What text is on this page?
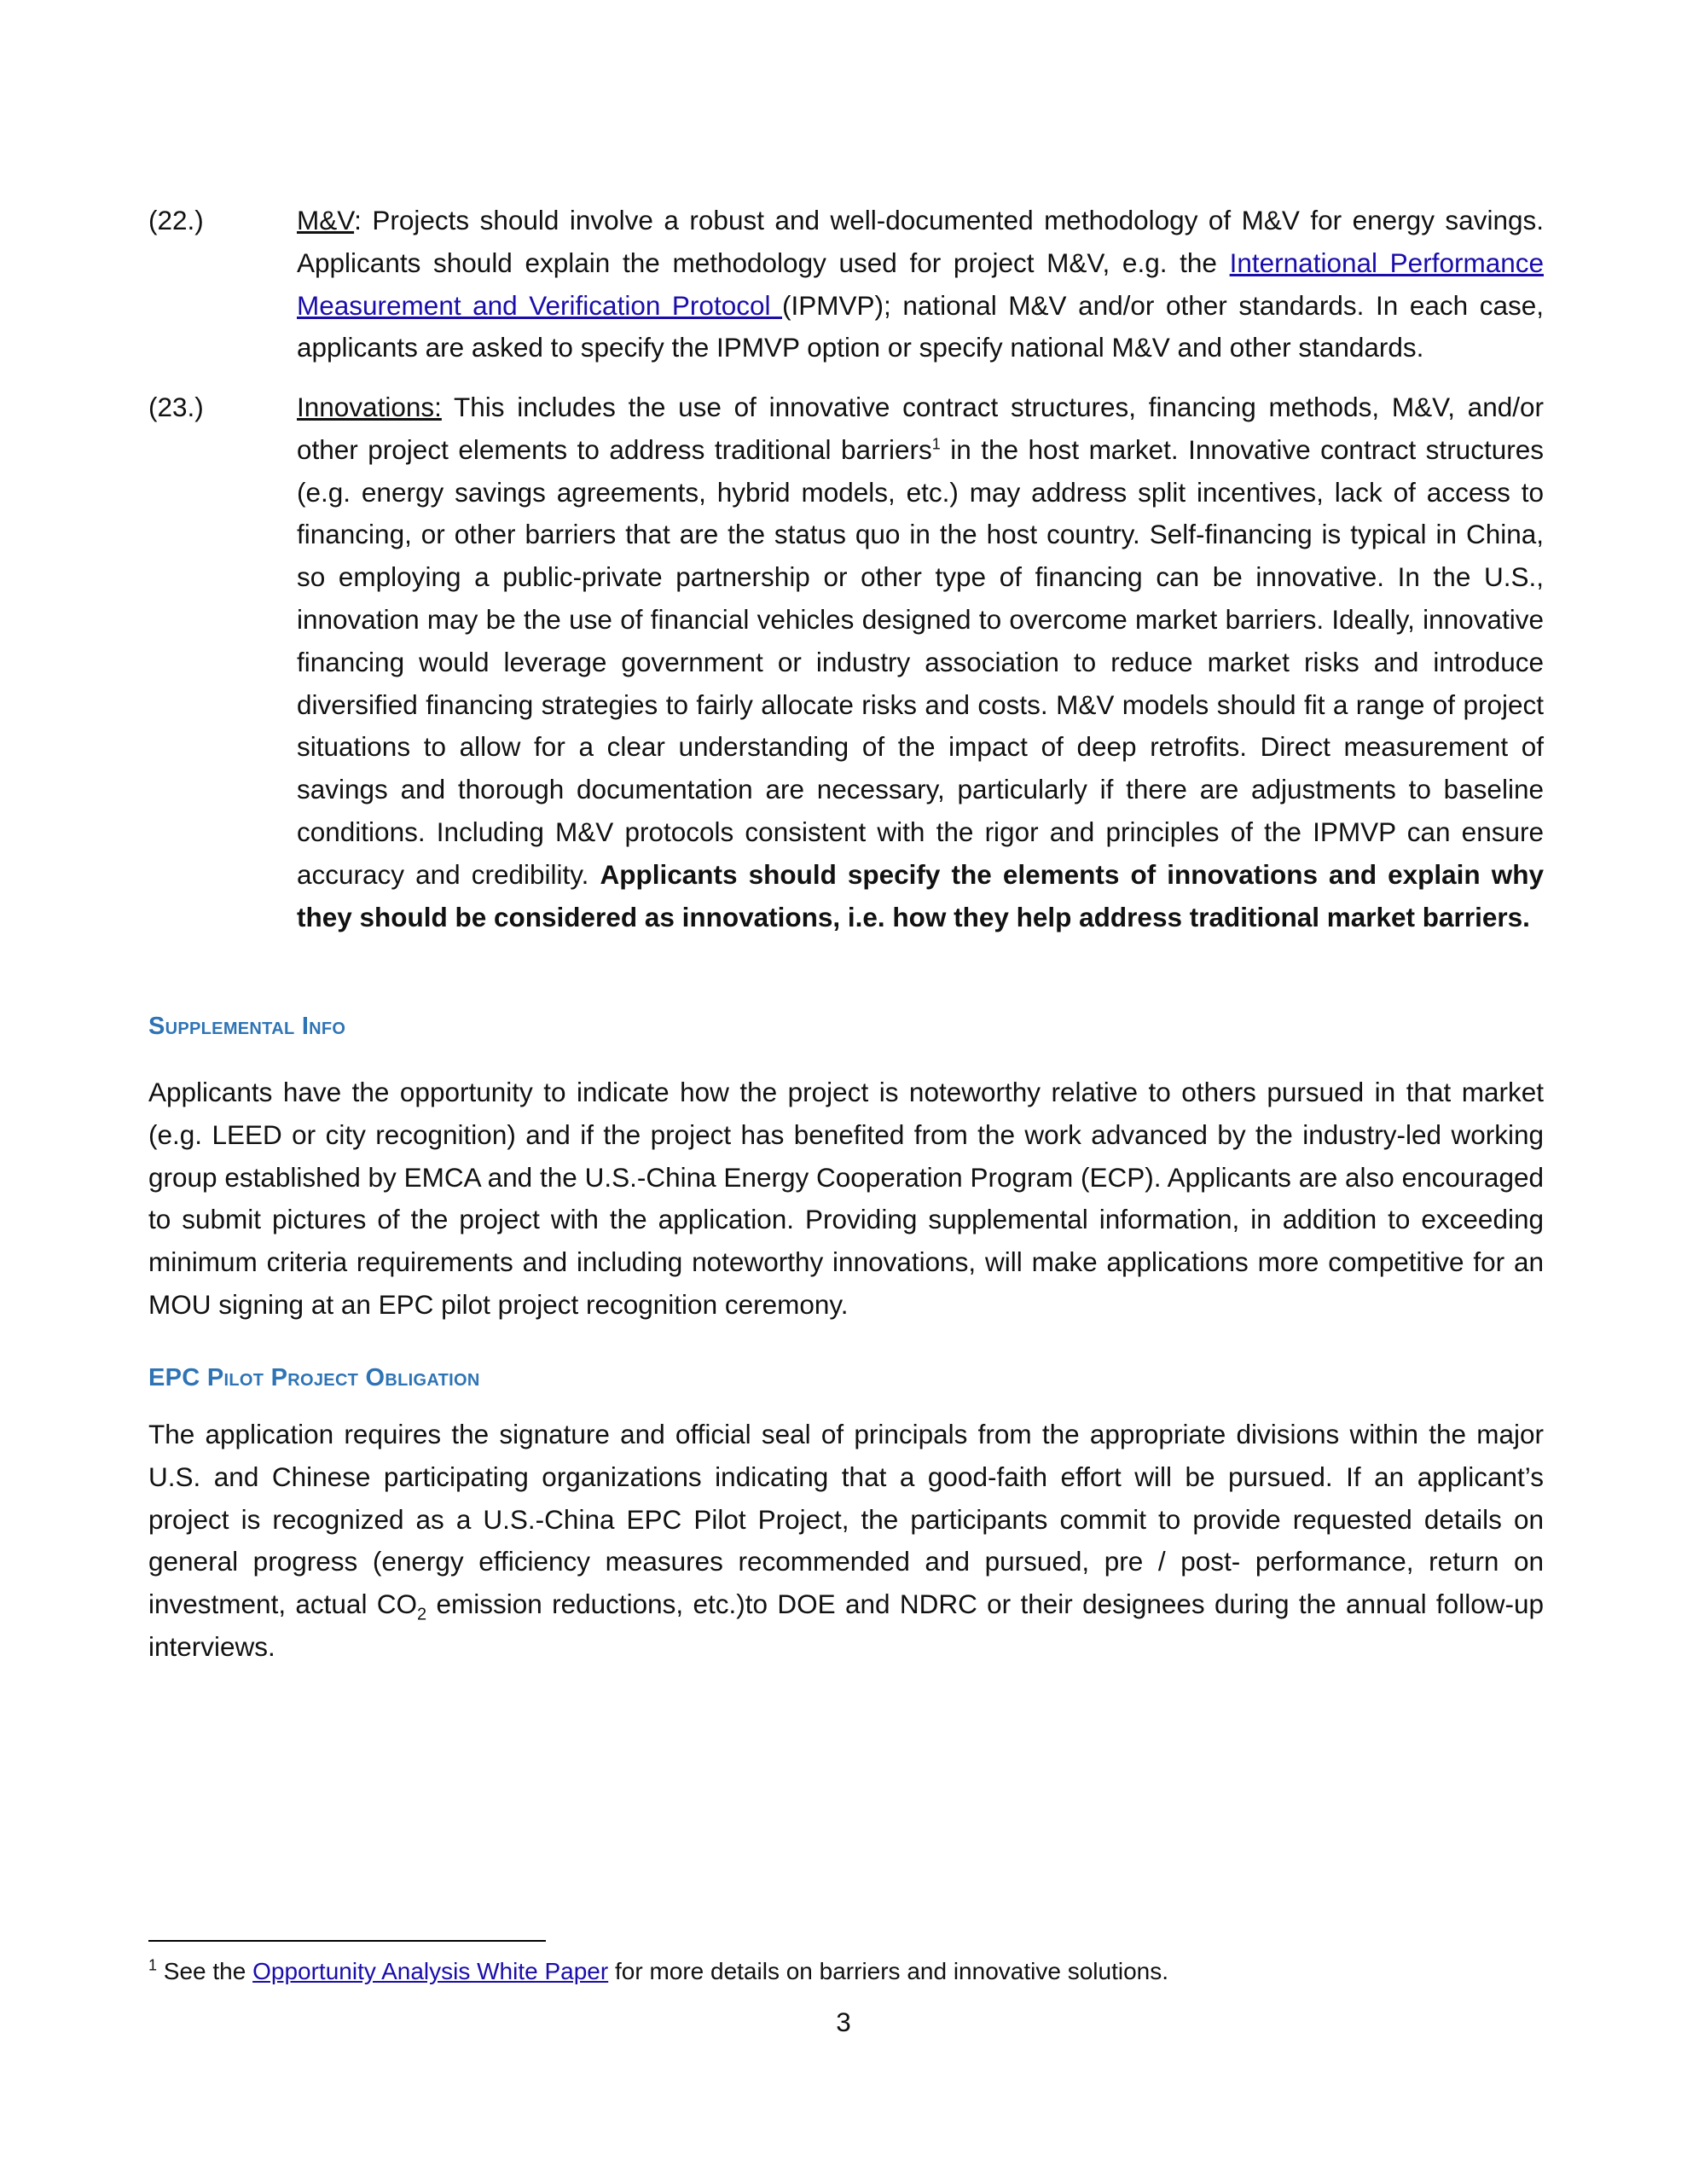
(22.)	M&V: Projects should involve a robust and well-documented methodology of M&V for energy savings. Applicants should explain the methodology used for project M&V, e.g. the International Performance Measurement and Verification Protocol (IPMVP); national M&V and/or other standards. In each case, applicants are asked to specify the IPMVP option or specify national M&V and other standards.
(23.)	Innovations: This includes the use of innovative contract structures, financing methods, M&V, and/or other project elements to address traditional barriers$^1$ in the host market. Innovative contract structures (e.g. energy savings agreements, hybrid models, etc.) may address split incentives, lack of access to financing, or other barriers that are the status quo in the host country. Self-financing is typical in China, so employing a public-private partnership or other type of financing can be innovative. In the U.S., innovation may be the use of financial vehicles designed to overcome market barriers. Ideally, innovative financing would leverage government or industry association to reduce market risks and introduce diversified financing strategies to fairly allocate risks and costs. M&V models should fit a range of project situations to allow for a clear understanding of the impact of deep retrofits. Direct measurement of savings and thorough documentation are necessary, particularly if there are adjustments to baseline conditions. Including M&V protocols consistent with the rigor and principles of the IPMVP can ensure accuracy and credibility. Applicants should specify the elements of innovations and explain why they should be considered as innovations, i.e. how they help address traditional market barriers.
Supplemental Info
Applicants have the opportunity to indicate how the project is noteworthy relative to others pursued in that market (e.g. LEED or city recognition) and if the project has benefited from the work advanced by the industry-led working group established by EMCA and the U.S.-China Energy Cooperation Program (ECP). Applicants are also encouraged to submit pictures of the project with the application. Providing supplemental information, in addition to exceeding minimum criteria requirements and including noteworthy innovations, will make applications more competitive for an MOU signing at an EPC pilot project recognition ceremony.
EPC Pilot Project Obligation
The application requires the signature and official seal of principals from the appropriate divisions within the major U.S. and Chinese participating organizations indicating that a good-faith effort will be pursued. If an applicant’s project is recognized as a U.S.-China EPC Pilot Project, the participants commit to provide requested details on general progress (energy efficiency measures recommended and pursued, pre / post- performance, return on investment, actual $CO_2$ emission reductions, etc.)to DOE and NDRC or their designees during the annual follow-up interviews.
$^1$ See the Opportunity Analysis White Paper for more details on barriers and innovative solutions.
3
